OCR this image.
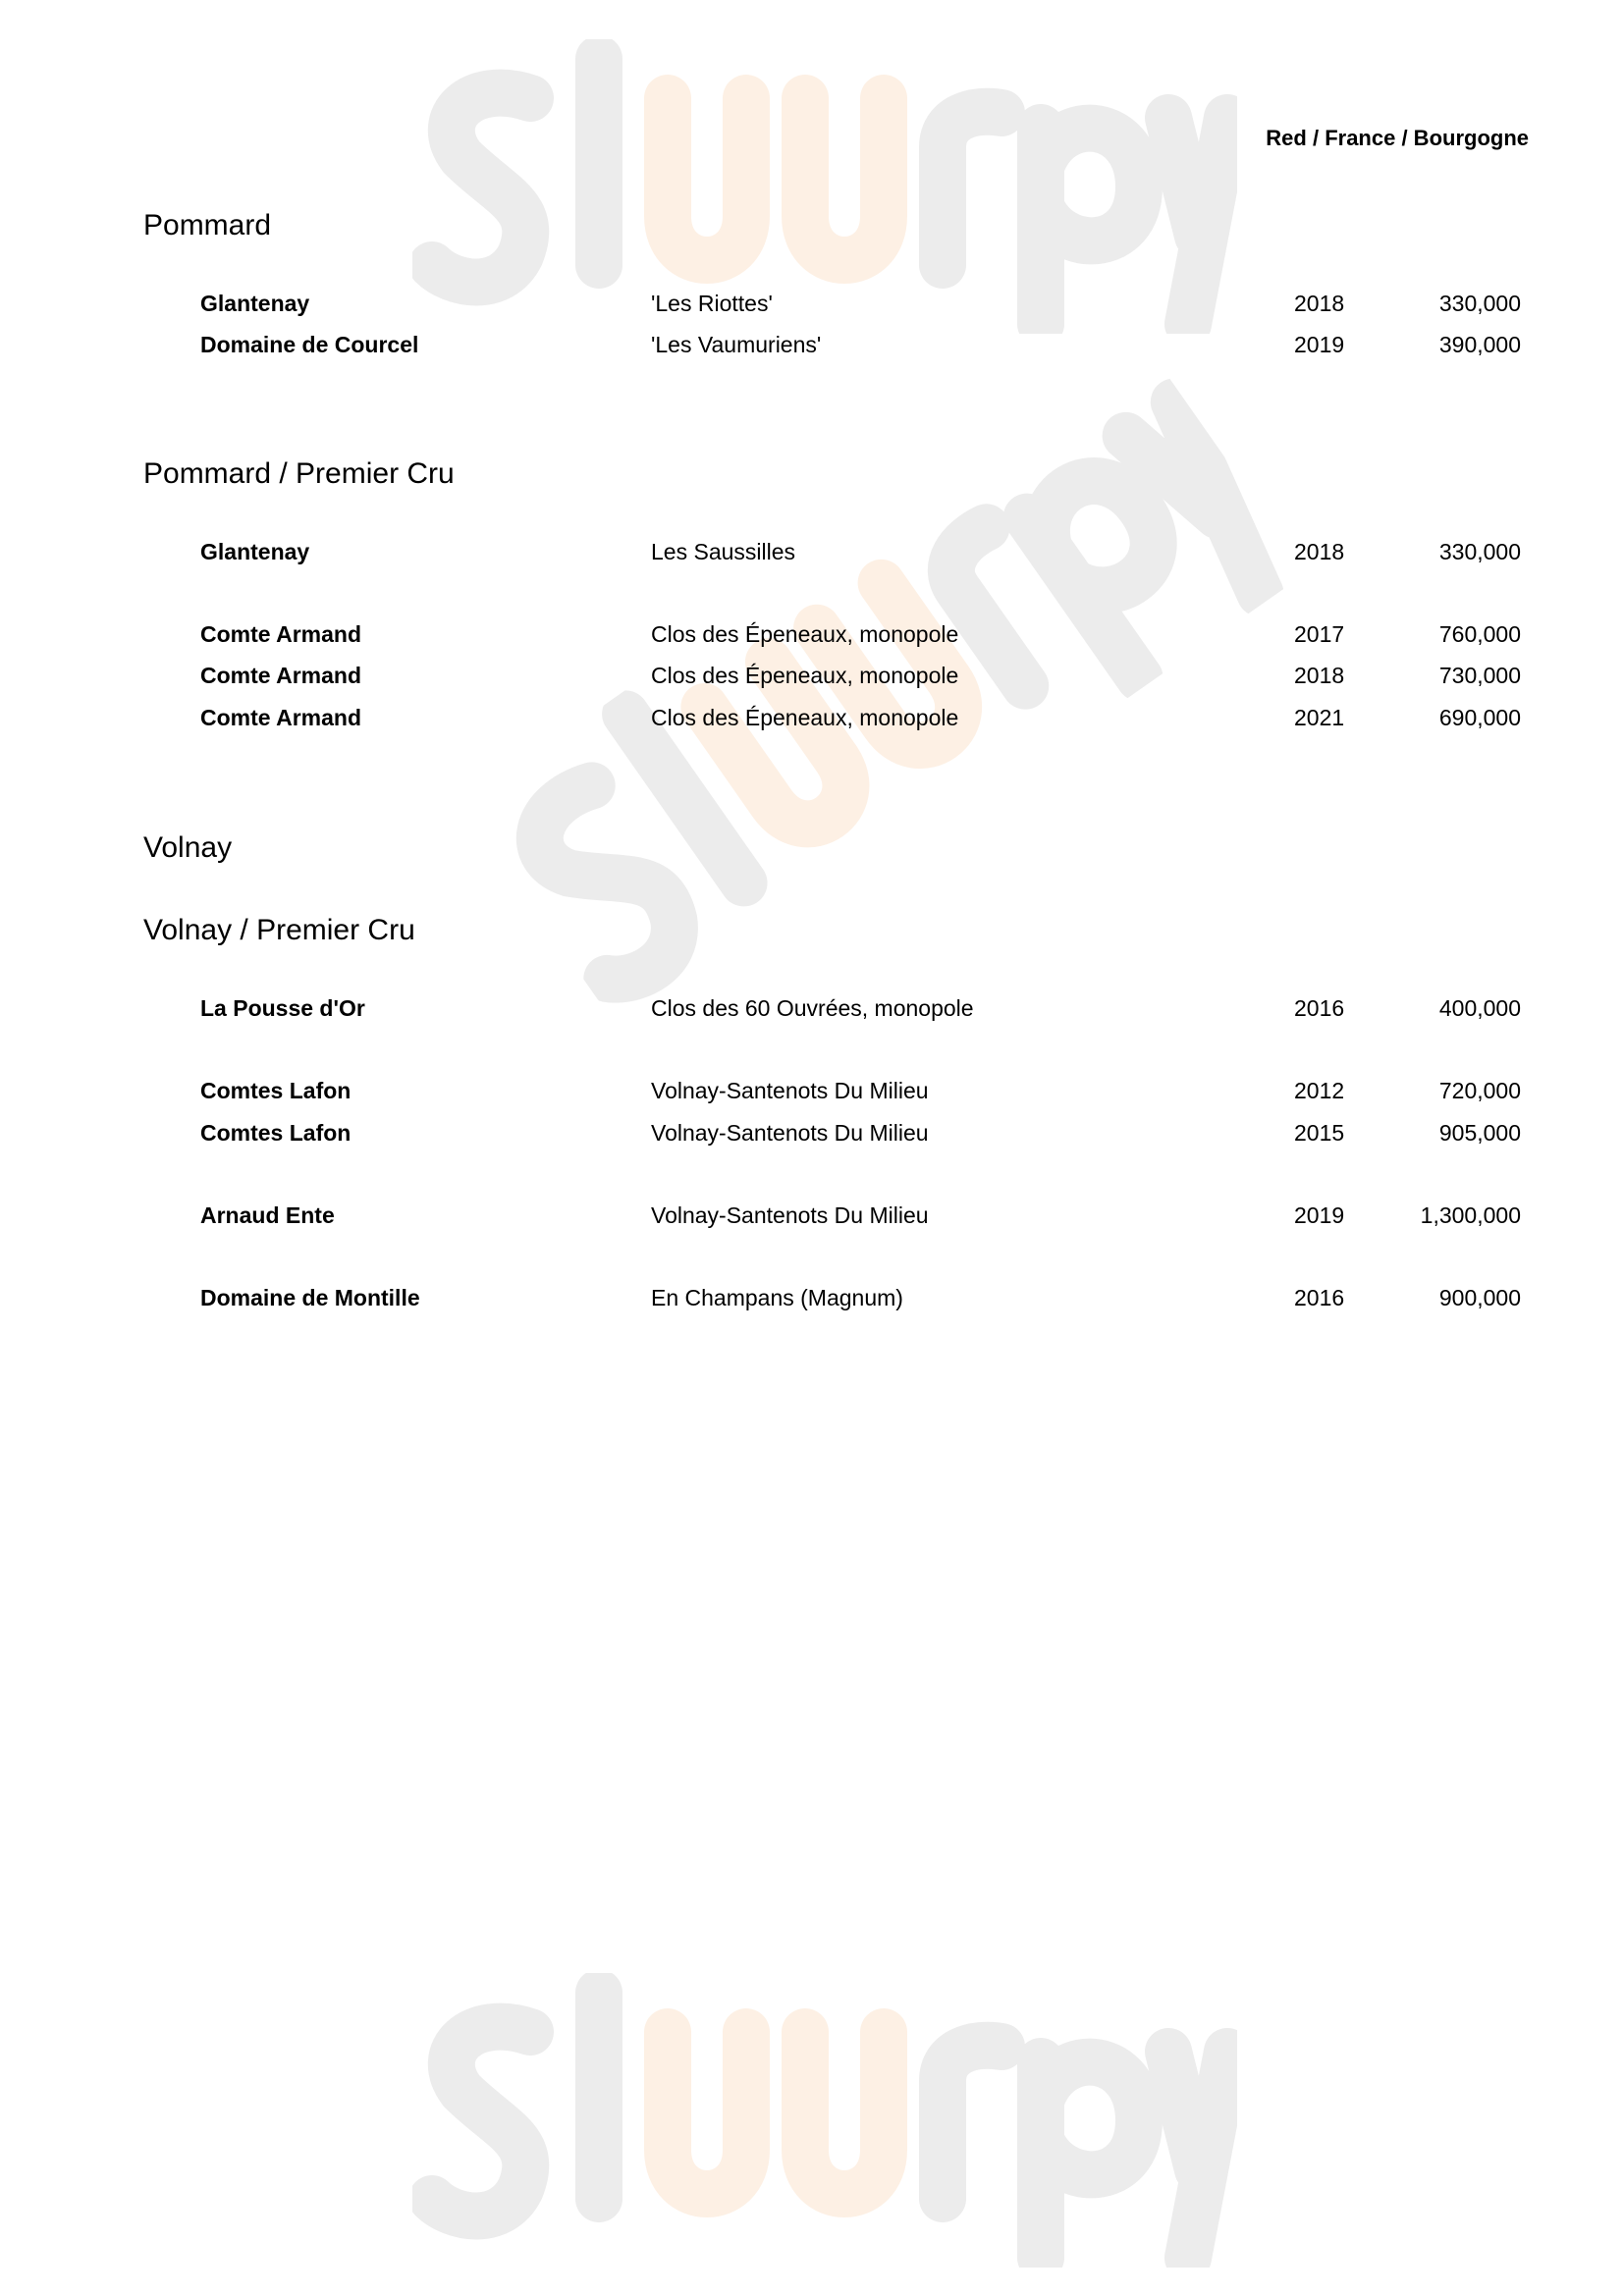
Red / France / Bourgogne
Pommard
Glantenay	'Les Riottes'	2018	330,000
Domaine de Courcel	'Les Vaumuriens'	2019	390,000
Pommard / Premier Cru
Glantenay	Les Saussilles	2018	330,000
Comte Armand	Clos des Épeneaux, monopole	2017	760,000
Comte Armand	Clos des Épeneaux, monopole	2018	730,000
Comte Armand	Clos des Épeneaux, monopole	2021	690,000
Volnay
Volnay / Premier Cru
La Pousse d'Or	Clos des 60 Ouvrées, monopole	2016	400,000
Comtes Lafon	Volnay-Santenots Du Milieu	2012	720,000
Comtes Lafon	Volnay-Santenots Du Milieu	2015	905,000
Arnaud Ente	Volnay-Santenots Du Milieu	2019	1,300,000
Domaine de Montille	En Champans (Magnum)	2016	900,000
